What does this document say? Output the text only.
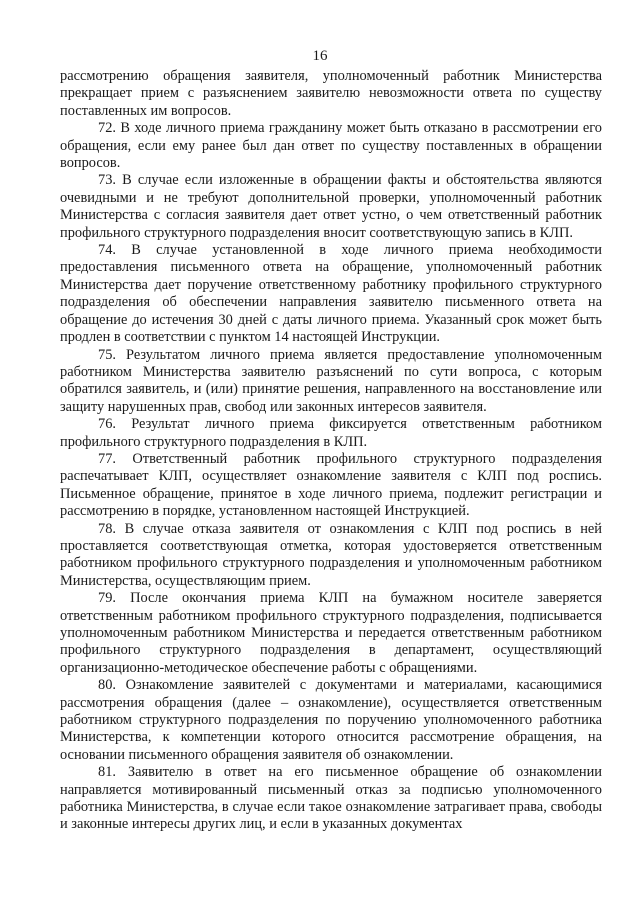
16

рассмотрению обращения заявителя, уполномоченный работник Министерства прекращает прием с разъяснением заявителю невозможности ответа по существу поставленных им вопросов.

72. В ходе личного приема гражданину может быть отказано в рассмотрении его обращения, если ему ранее был дан ответ по существу поставленных в обращении вопросов.

73. В случае если изложенные в обращении факты и обстоятельства являются очевидными и не требуют дополнительной проверки, уполномоченный работник Министерства с согласия заявителя дает ответ устно, о чем ответственный работник профильного структурного подразделения вносит соответствующую запись в КЛП.

74. В случае установленной в ходе личного приема необходимости предоставления письменного ответа на обращение, уполномоченный работник Министерства дает поручение ответственному работнику профильного структурного подразделения об обеспечении направления заявителю письменного ответа на обращение до истечения 30 дней с даты личного приема. Указанный срок может быть продлен в соответствии с пунктом 14 настоящей Инструкции.

75. Результатом личного приема является предоставление уполномоченным работником Министерства заявителю разъяснений по сути вопроса, с которым обратился заявитель, и (или) принятие решения, направленного на восстановление или защиту нарушенных прав, свобод или законных интересов заявителя.

76. Результат личного приема фиксируется ответственным работником профильного структурного подразделения в КЛП.

77. Ответственный работник профильного структурного подразделения распечатывает КЛП, осуществляет ознакомление заявителя с КЛП под роспись. Письменное обращение, принятое в ходе личного приема, подлежит регистрации и рассмотрению в порядке, установленном настоящей Инструкцией.

78. В случае отказа заявителя от ознакомления с КЛП под роспись в ней проставляется соответствующая отметка, которая удостоверяется ответственным работником профильного структурного подразделения и уполномоченным работником Министерства, осуществляющим прием.

79. После окончания приема КЛП на бумажном носителе заверяется ответственным работником профильного структурного подразделения, подписывается уполномоченным работником Министерства и передается ответственным работником профильного структурного подразделения в департамент, осуществляющий организационно-методическое обеспечение работы с обращениями.

80. Ознакомление заявителей с документами и материалами, касающимися рассмотрения обращения (далее – ознакомление), осуществляется ответственным работником структурного подразделения по поручению уполномоченного работника Министерства, к компетенции которого относится рассмотрение обращения, на основании письменного обращения заявителя об ознакомлении.

81. Заявителю в ответ на его письменное обращение об ознакомлении направляется мотивированный письменный отказ за подписью уполномоченного работника Министерства, в случае если такое ознакомление затрагивает права, свободы и законные интересы других лиц, и если в указанных документах
